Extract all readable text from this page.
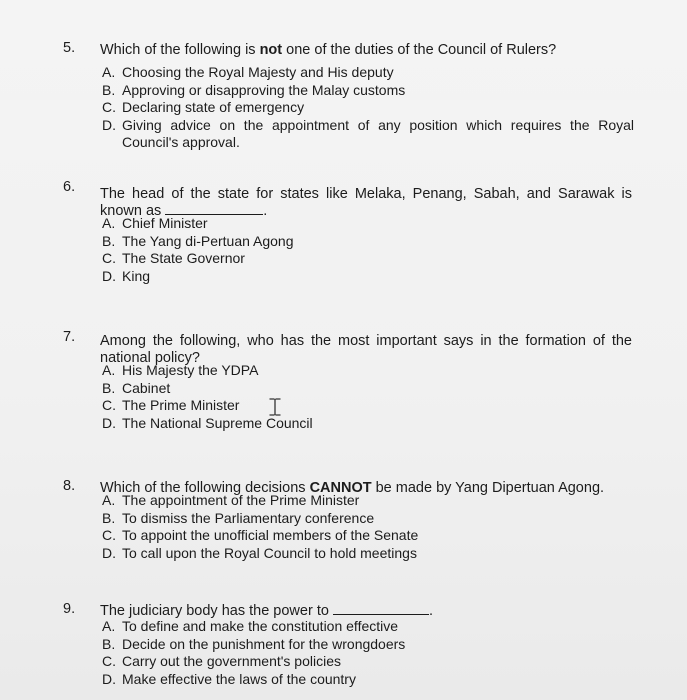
5. Which of the following is not one of the duties of the Council of Rulers?
A. Choosing the Royal Majesty and His deputy
B. Approving or disapproving the Malay customs
C. Declaring state of emergency
D. Giving advice on the appointment of any position which requires the Royal Council's approval.
6. The head of the state for states like Melaka, Penang, Sabah, and Sarawak is known as	.
A. Chief Minister
B. The Yang di-Pertuan Agong
C. The State Governor
D. King
7. Among the following, who has the most important says in the formation of the national policy?
A. His Majesty the YDPA
B. Cabinet
C. The Prime Minister
D. The National Supreme Council
8. Which of the following decisions CANNOT be made by Yang Dipertuan Agong.
A. The appointment of the Prime Minister
B. To dismiss the Parliamentary conference
C. To appoint the unofficial members of the Senate
D. To call upon the Royal Council to hold meetings
9. The judiciary body has the power to	.
A. To define and make the constitution effective
B. Decide on the punishment for the wrongdoers
C. Carry out the government's policies
D. Make effective the laws of the country
